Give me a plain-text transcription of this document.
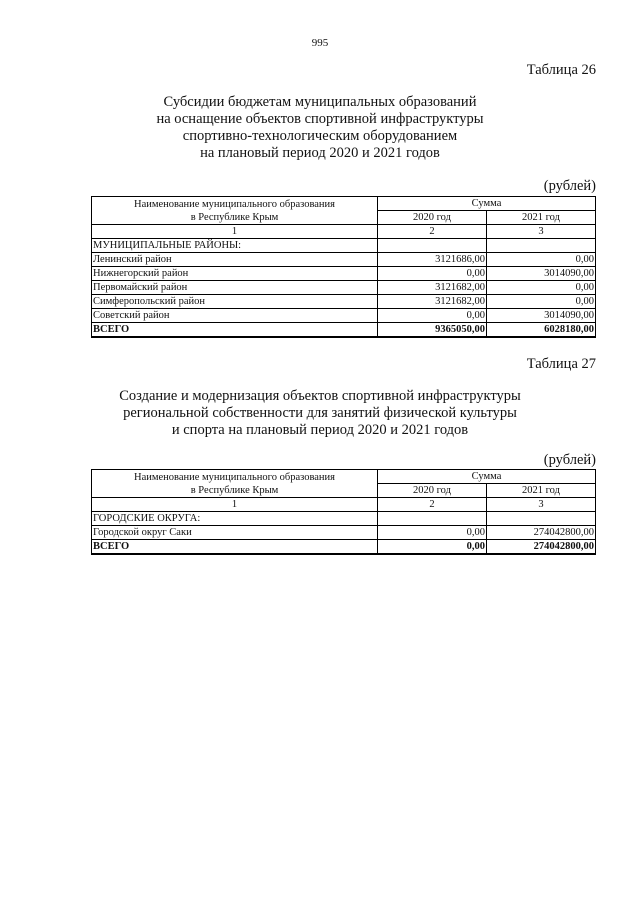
995
Таблица 26
Субсидии бюджетам муниципальных образований
на оснащение объектов спортивной инфраструктуры
спортивно-технологическим оборудованием
на плановый период 2020 и 2021 годов
(рублей)
Наименование муниципального образования
в Республике Крым	Сумма	
	2020 год	2021 год
1	2	3
МУНИЦИПАЛЬНЫЕ РАЙОНЫ:		
Ленинский район	3121686,00	0,00
Нижнегорский район	0,00	3014090,00
Первомайский район	3121682,00	0,00
Симферопольский район	3121682,00	0,00
Советский район	0,00	3014090,00
ВСЕГО	9365050,00	6028180,00
Таблица 27
Создание и модернизация объектов спортивной инфраструктуры
региональной собственности для занятий физической культуры
и спорта на плановый период 2020 и 2021 годов
(рублей)
Наименование муниципального образования
в Республике Крым	Сумма	
	2020 год	2021 год
1	2	3
ГОРОДСКИЕ ОКРУГА:		
Городской округ Саки	0,00	274042800,00
ВСЕГО	0,00	274042800,00
